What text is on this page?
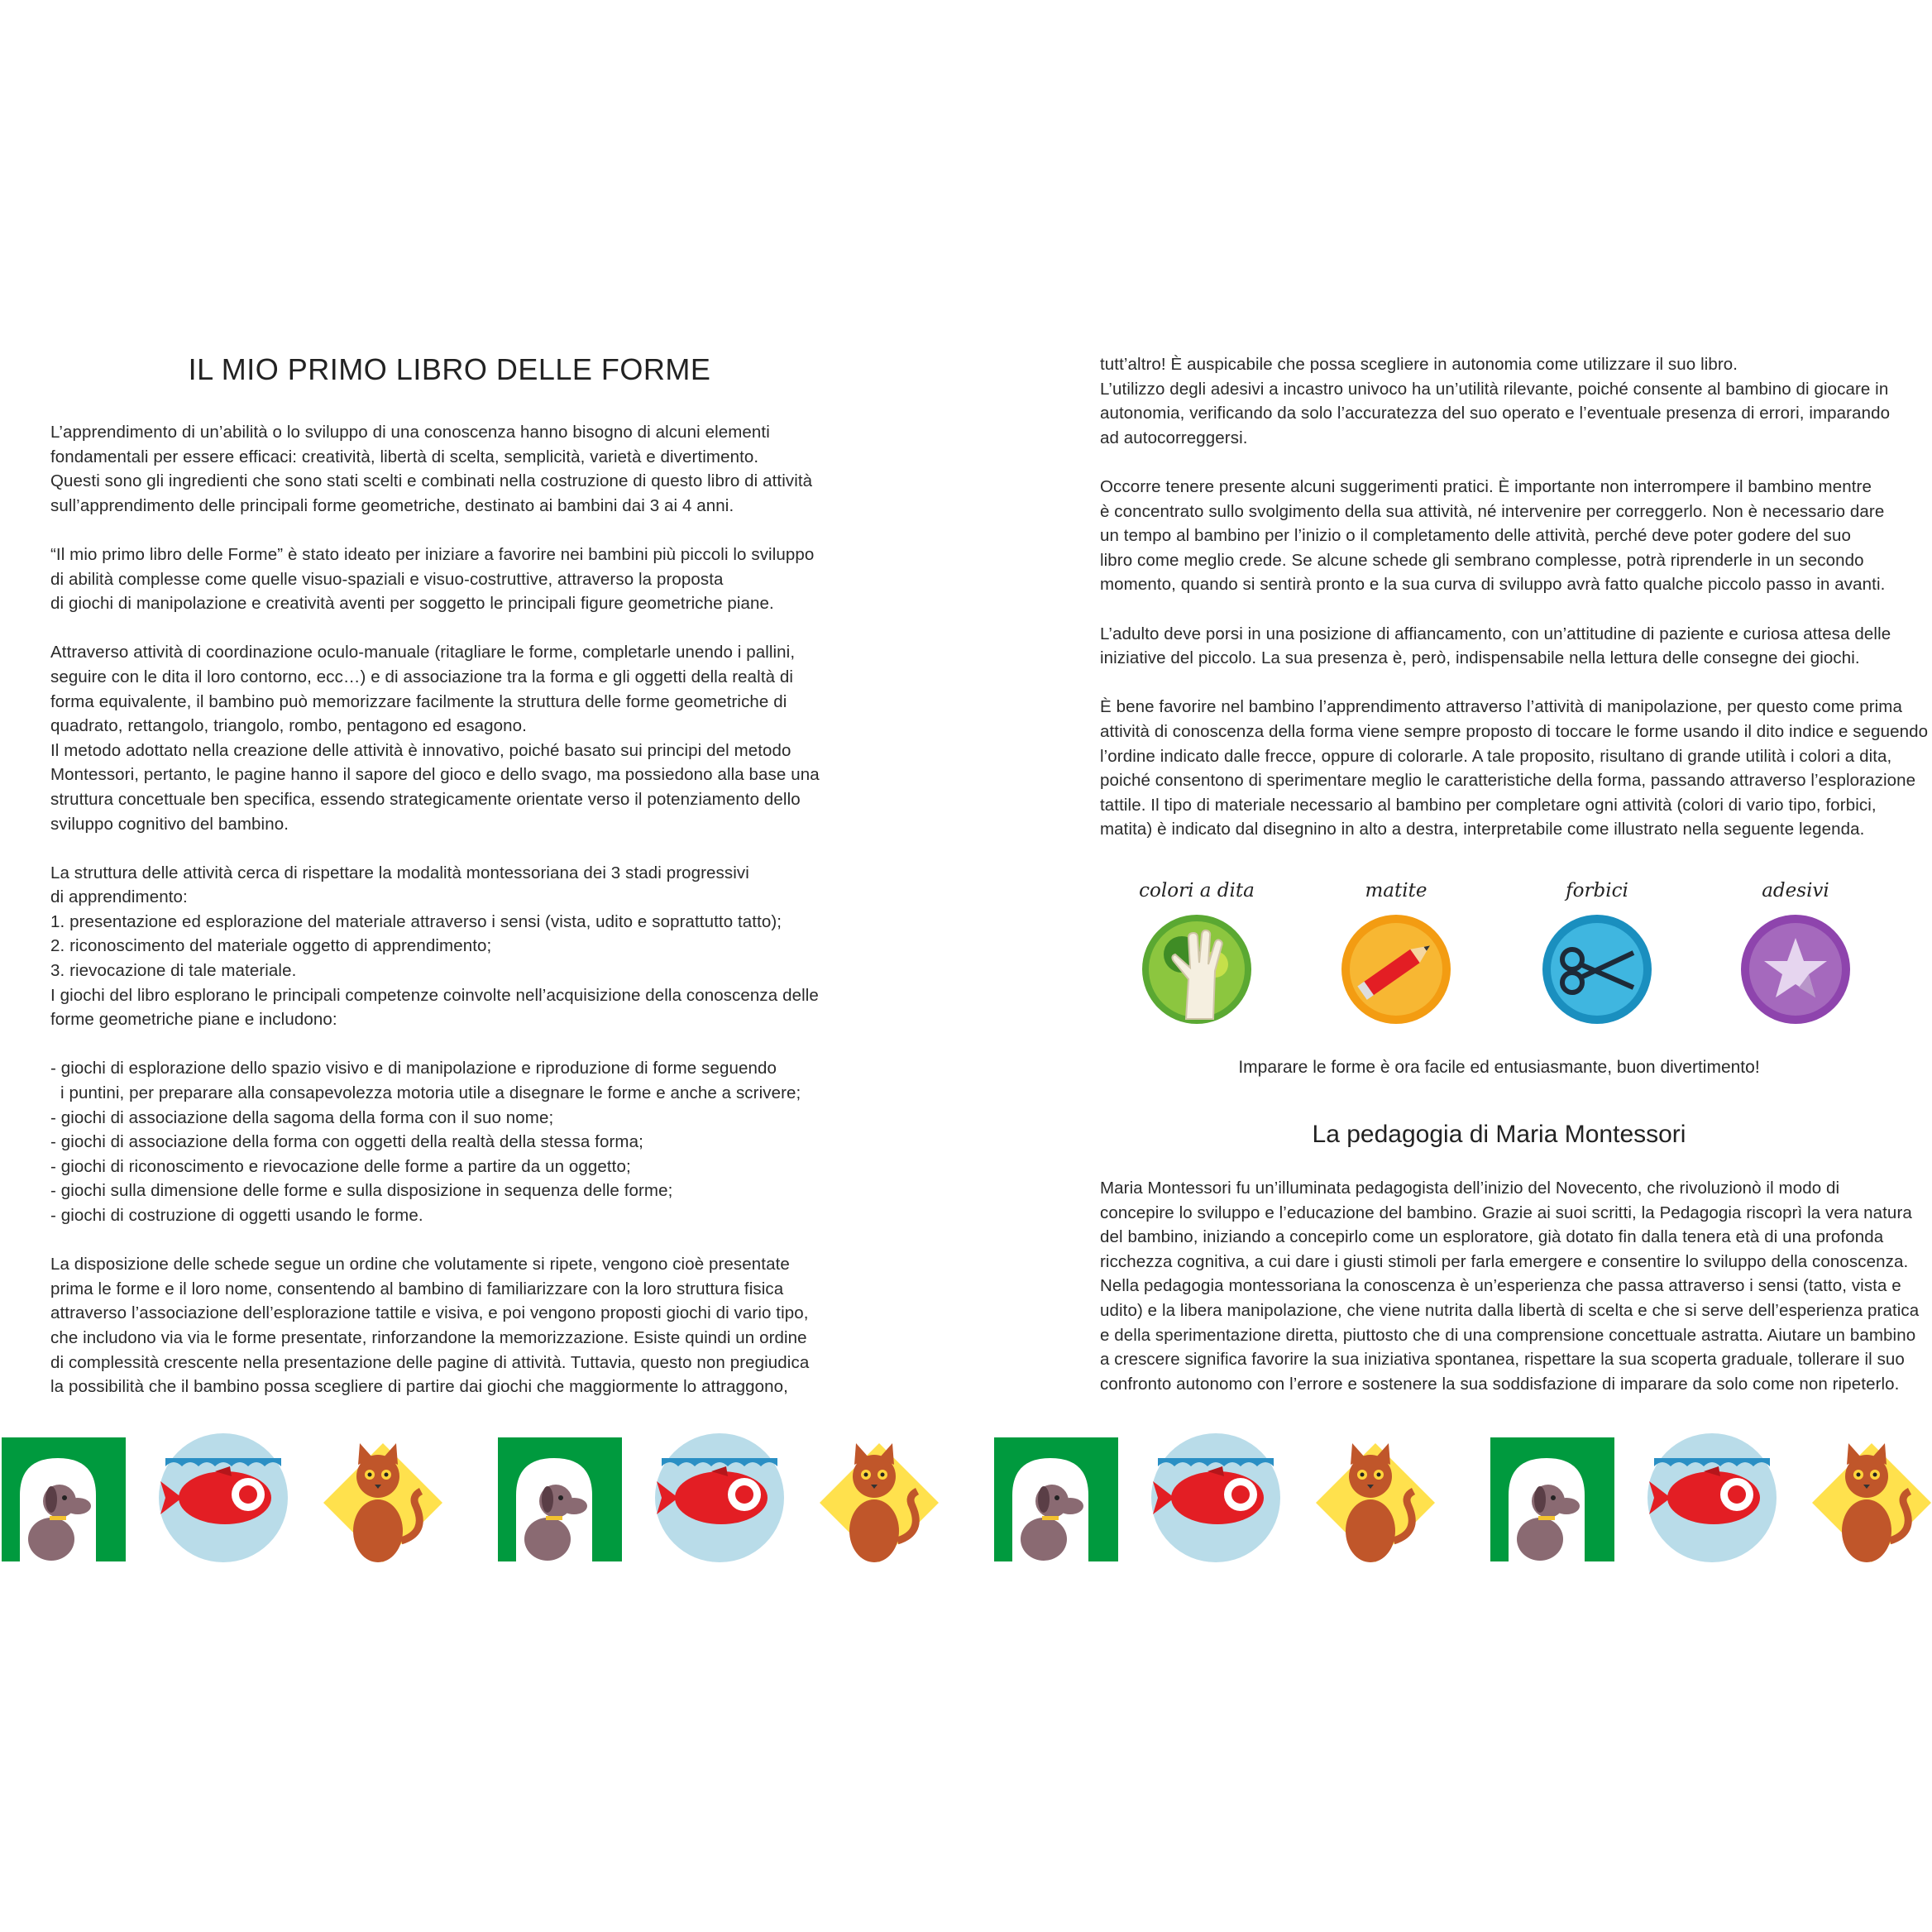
IL MIO PRIMO LIBRO DELLE FORME

L’apprendimento di un’abilità o lo sviluppo di una conoscenza hanno bisogno di alcuni elementi

fondamentali per essere efficaci: creatività, libertà di scelta, semplicità, varietà e divertimento.

Questi sono gli ingredienti che sono stati scelti e combinati nella costruzione di questo libro di attività

sull’apprendimento delle principali forme geometriche, destinato ai bambini dai 3 ai 4 anni.

“Il mio primo libro delle Forme” è stato ideato per iniziare a favorire nei bambini più piccoli lo sviluppo

di abilità complesse come quelle visuo-spaziali e visuo-costruttive, attraverso la proposta

di giochi di manipolazione e creatività aventi per soggetto le principali figure geometriche piane.

Attraverso attività di coordinazione oculo-manuale (ritagliare le forme, completarle unendo i pallini,

seguire con le dita il loro contorno, ecc…) e di associazione tra la forma e gli oggetti della realtà di

forma equivalente, il bambino può memorizzare facilmente la struttura delle forme geometriche di

quadrato, rettangolo, triangolo, rombo, pentagono ed esagono.

Il metodo adottato nella creazione delle attività è innovativo, poiché basato sui principi del metodo

Montessori, pertanto, le pagine hanno il sapore del gioco e dello svago, ma possiedono alla base una

struttura concettuale ben specifica, essendo strategicamente orientate verso il potenziamento dello

sviluppo cognitivo del bambino.

La struttura delle attività cerca di rispettare la modalità montessoriana dei 3 stadi progressivi

di apprendimento:

1. presentazione ed esplorazione del materiale attraverso i sensi (vista, udito e soprattutto tatto);

2. riconoscimento del materiale oggetto di apprendimento;

3. rievocazione di tale materiale.

I giochi del libro esplorano le principali competenze coinvolte nell’acquisizione della conoscenza delle

forme geometriche piane e includono:

- giochi di esplorazione dello spazio visivo e di manipolazione e riproduzione di forme seguendo

i puntini, per preparare alla consapevolezza motoria utile a disegnare le forme e anche a scrivere;

- giochi di associazione della sagoma della forma con il suo nome;

- giochi di associazione della forma con oggetti della realtà della stessa forma;

- giochi di riconoscimento e rievocazione delle forme a partire da un oggetto;

- giochi sulla dimensione delle forme e sulla disposizione in sequenza delle forme;

- giochi di costruzione di oggetti usando le forme.

La disposizione delle schede segue un ordine che volutamente si ripete, vengono cioè presentate

prima le forme e il loro nome, consentendo al bambino di familiarizzare con la loro struttura fisica

attraverso l’associazione dell’esplorazione tattile e visiva, e poi vengono proposti giochi di vario tipo,

che includono via via le forme presentate, rinforzandone la memorizzazione. Esiste quindi un ordine

di complessità crescente nella presentazione delle pagine di attività. Tuttavia, questo non pregiudica

la possibilità che il bambino possa scegliere di partire dai giochi che maggiormente lo attraggono,

tutt’altro! È auspicabile che possa scegliere in autonomia come utilizzare il suo libro.

L’utilizzo degli adesivi a incastro univoco ha un’utilità rilevante, poiché consente al bambino di giocare in

autonomia, verificando da solo l’accuratezza del suo operato e l’eventuale presenza di errori, imparando

ad autocorreggersi.

Occorre tenere presente alcuni suggerimenti pratici. È importante non interrompere il bambino mentre

è concentrato sullo svolgimento della sua attività, né intervenire per correggerlo. Non è necessario dare

un tempo al bambino per l’inizio o il completamento delle attività, perché deve poter godere del suo

libro come meglio crede. Se alcune schede gli sembrano complesse, potrà riprenderle in un secondo

momento, quando si sentirà pronto e la sua curva di sviluppo avrà fatto qualche piccolo passo in avanti.

L’adulto deve porsi in una posizione di affiancamento, con un’attitudine di paziente e curiosa attesa delle

iniziative del piccolo. La sua presenza è, però, indispensabile nella lettura delle consegne dei giochi.

È bene favorire nel bambino l’apprendimento attraverso l’attività di manipolazione, per questo come prima

attività di conoscenza della forma viene sempre proposto di toccare le forme usando il dito indice e seguendo

l’ordine indicato dalle frecce, oppure di colorarle. A tale proposito, risultano di grande utilità i colori a dita,

poiché consentono di sperimentare meglio le caratteristiche della forma, passando attraverso l’esplorazione

tattile. Il tipo di materiale necessario al bambino per completare ogni attività (colori di vario tipo, forbici,

matita) è indicato dal disegnino in alto a destra, interpretabile come illustrato nella seguente legenda.

colori a dita	matite	forbici	adesivi
Imparare le forme è ora facile ed entusiasmante, buon divertimento!
La pedagogia di Maria Montessori

Maria Montessori fu un’illuminata pedagogista dell’inizio del Novecento, che rivoluzionò il modo di

concepire lo sviluppo e l’educazione del bambino. Grazie ai suoi scritti, la Pedagogia riscoprì la vera natura

del bambino, iniziando a concepirlo come un esploratore, già dotato fin dalla tenera età di una profonda

ricchezza cognitiva, a cui dare i giusti stimoli per farla emergere e consentire lo sviluppo della conoscenza.

Nella pedagogia montessoriana la conoscenza è un’esperienza che passa attraverso i sensi (tatto, vista e

udito) e la libera manipolazione, che viene nutrita dalla libertà di scelta e che si serve dell’esperienza pratica

e della sperimentazione diretta, piuttosto che di una comprensione concettuale astratta. Aiutare un bambino

a crescere significa favorire la sua iniziativa spontanea, rispettare la sua scoperta graduale, tollerare il suo

confronto autonomo con l’errore e sostenere la sua soddisfazione di imparare da solo come non ripeterlo.
